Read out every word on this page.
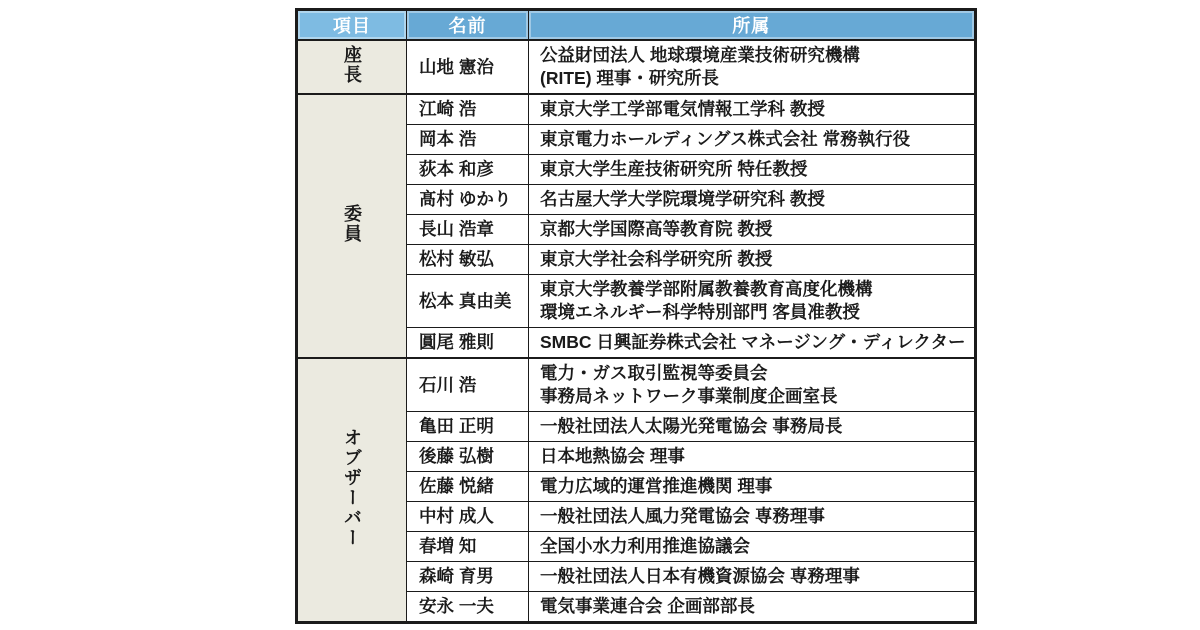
項目	名前	所属
座長	山地 憲治	公益財団法人 地球環境産業技術研究機構
(RITE) 理事・研究所長

委員	江崎 浩	東京大学工学部電気情報工学科 教授

	岡本 浩	東京電力ホールディングス株式会社 常務執行役

	荻本 和彦	東京大学生産技術研究所 特任教授

	髙村 ゆかり	名古屋大学大学院環境学研究科 教授

	長山 浩章	京都大学国際高等教育院 教授

	松村 敏弘	東京大学社会科学研究所 教授

	松本 真由美	東京大学教養学部附属教養教育高度化機構
環境エネルギー科学特別部門 客員准教授

	圓尾 雅則	SMBC 日興証券株式会社 マネージング・ディレクター

オブザーバー	石川 浩	電力・ガス取引監視等委員会
事務局ネットワーク事業制度企画室長

	亀田 正明	一般社団法人太陽光発電協会 事務局長

	後藤 弘樹	日本地熱協会 理事

	佐藤 悦緒	電力広域的運営推進機関 理事

	中村 成人	一般社団法人風力発電協会 専務理事

	春増 知	全国小水力利用推進協議会

	森崎 育男	一般社団法人日本有機資源協会 専務理事

	安永 一夫	電気事業連合会 企画部部長
